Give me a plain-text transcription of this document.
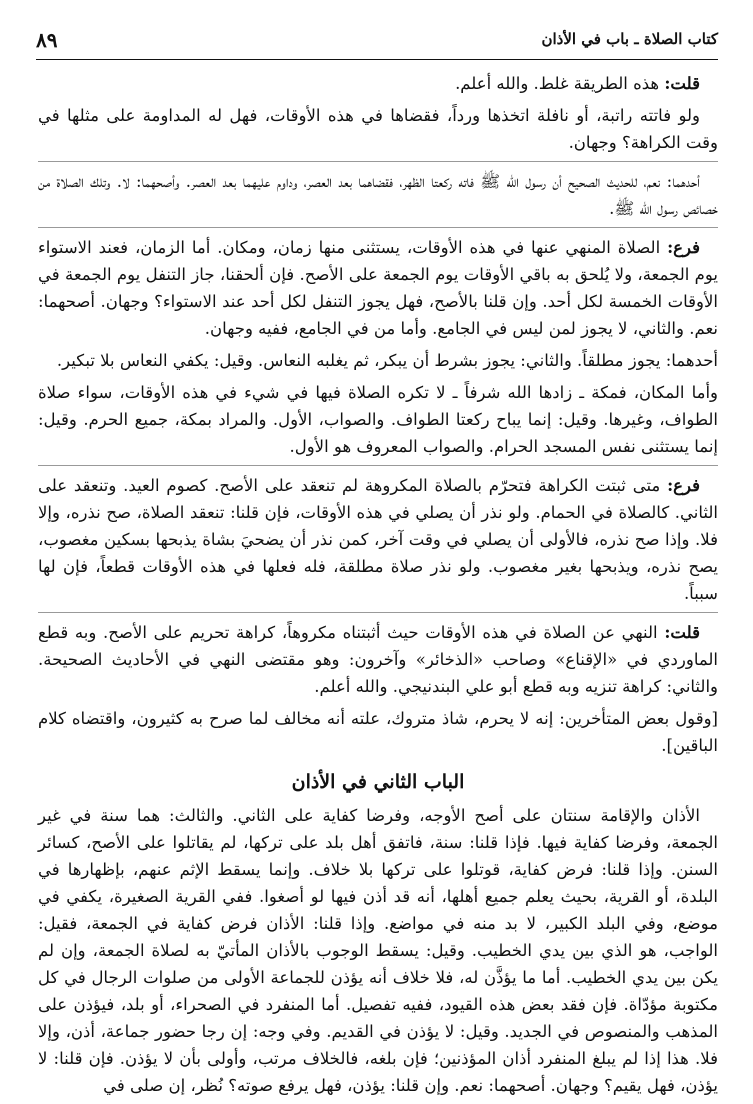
كتاب الصلاة ـ باب في الأذان
٨٩

قلت: هذه الطريقة غلط. والله أعلم.

ولو فاتته راتبة، أو نافلة اتخذها ورداً، فقضاها في هذه الأوقات، فهل له المداومة على مثلها في وقت الكراهة؟ وجهان.

أحدهما: نعم، للحديث الصحيح أن رسول الله ﷺ فاته ركعتا الظهر، فقضاهما بعد العصر، وداوم عليهما بعد العصر. وأصحهما: لا. وتلك الصلاة من خصائص رسول الله ﷺ.

فرع: الصلاة المنهي عنها في هذه الأوقات، يستثنى منها زمان، ومكان. أما الزمان، فعند الاستواء يوم الجمعة، ولا يُلحق به باقي الأوقات يوم الجمعة على الأصح. فإن ألحقنا، جاز التنفل يوم الجمعة في الأوقات الخمسة لكل أحد. وإن قلنا بالأصح، فهل يجوز التنفل لكل أحد عند الاستواء؟ وجهان. أصحهما: نعم. والثاني، لا يجوز لمن ليس في الجامع. وأما من في الجامع، ففيه وجهان.

أحدهما: يجوز مطلقاً. والثاني: يجوز بشرط أن يبكر، ثم يغلبه النعاس. وقيل: يكفي النعاس بلا تبكير.

وأما المكان، فمكة ـ زادها الله شرفاً ـ لا تكره الصلاة فيها في شيء في هذه الأوقات، سواء صلاة الطواف، وغيرها. وقيل: إنما يباح ركعتا الطواف. والصواب، الأول. والمراد بمكة، جميع الحرم. وقيل: إنما يستثنى نفس المسجد الحرام. والصواب المعروف هو الأول.

فرع: متى ثبتت الكراهة فتحرّم بالصلاة المكروهة لم تنعقد على الأصح. كصوم العيد. وتنعقد على الثاني. كالصلاة في الحمام. ولو نذر أن يصلي في هذه الأوقات، فإن قلنا: تنعقد الصلاة، صح نذره، وإلا فلا. وإذا صح نذره، فالأولى أن يصلي في وقت آخر، كمن نذر أن يضحيَ بشاة يذبحها بسكين مغصوب، يصح نذره، ويذبحها بغير مغصوب. ولو نذر صلاة مطلقة، فله فعلها في هذه الأوقات قطعاً، فإن لها سبباً.

قلت: النهي عن الصلاة في هذه الأوقات حيث أثبتناه مكروهاً، كراهة تحريم على الأصح. وبه قطع الماوردي في «الإقناع» وصاحب «الذخائر» وآخرون: وهو مقتضى النهي في الأحاديث الصحيحة. والثاني: كراهة تنزيه وبه قطع أبو علي البندنيجي. والله أعلم.

[وقول بعض المتأخرين: إنه لا يحرم، شاذ متروك، علته أنه مخالف لما صرح به كثيرون، واقتضاه كلام الباقين].

الباب الثاني في الأذان

الأذان والإقامة سنتان على أصح الأوجه، وفرضا كفاية على الثاني. والثالث: هما سنة في غير الجمعة، وفرضا كفاية فيها. فإذا قلنا: سنة، فاتفق أهل بلد على تركها، لم يقاتلوا على الأصح، كسائر السنن. وإذا قلنا: فرض كفاية، قوتلوا على تركها بلا خلاف. وإنما يسقط الإثم عنهم، بإظهارها في البلدة، أو القرية، بحيث يعلم جميع أهلها، أنه قد أذن فيها لو أصغوا. ففي القرية الصغيرة، يكفي في موضع، وفي البلد الكبير، لا بد منه في مواضع. وإذا قلنا: الأذان فرض كفاية في الجمعة، فقيل: الواجب، هو الذي بين يدي الخطيب. وقيل: يسقط الوجوب بالأذان المأتيّ به لصلاة الجمعة، وإن لم يكن بين يدي الخطيب. أما ما يؤذَّن له، فلا خلاف أنه يؤذن للجماعة الأولى من صلوات الرجال في كل مكتوبة مؤدّاة. فإن فقد بعض هذه القيود، ففيه تفصيل. أما المنفرد في الصحراء، أو بلد، فيؤذن على المذهب والمنصوص في الجديد. وقيل: لا يؤذن في القديم. وفي وجه: إن رجا حضور جماعة، أذن، وإلا فلا. هذا إذا لم يبلغ المنفرد أذان المؤذنين؛ فإن بلغه، فالخلاف مرتب، وأولى بأن لا يؤذن. فإن قلنا: لا يؤذن، فهل يقيم؟ وجهان. أصحهما: نعم. وإن قلنا: يؤذن، فهل يرفع صوته؟ نُظر، إن صلى في
